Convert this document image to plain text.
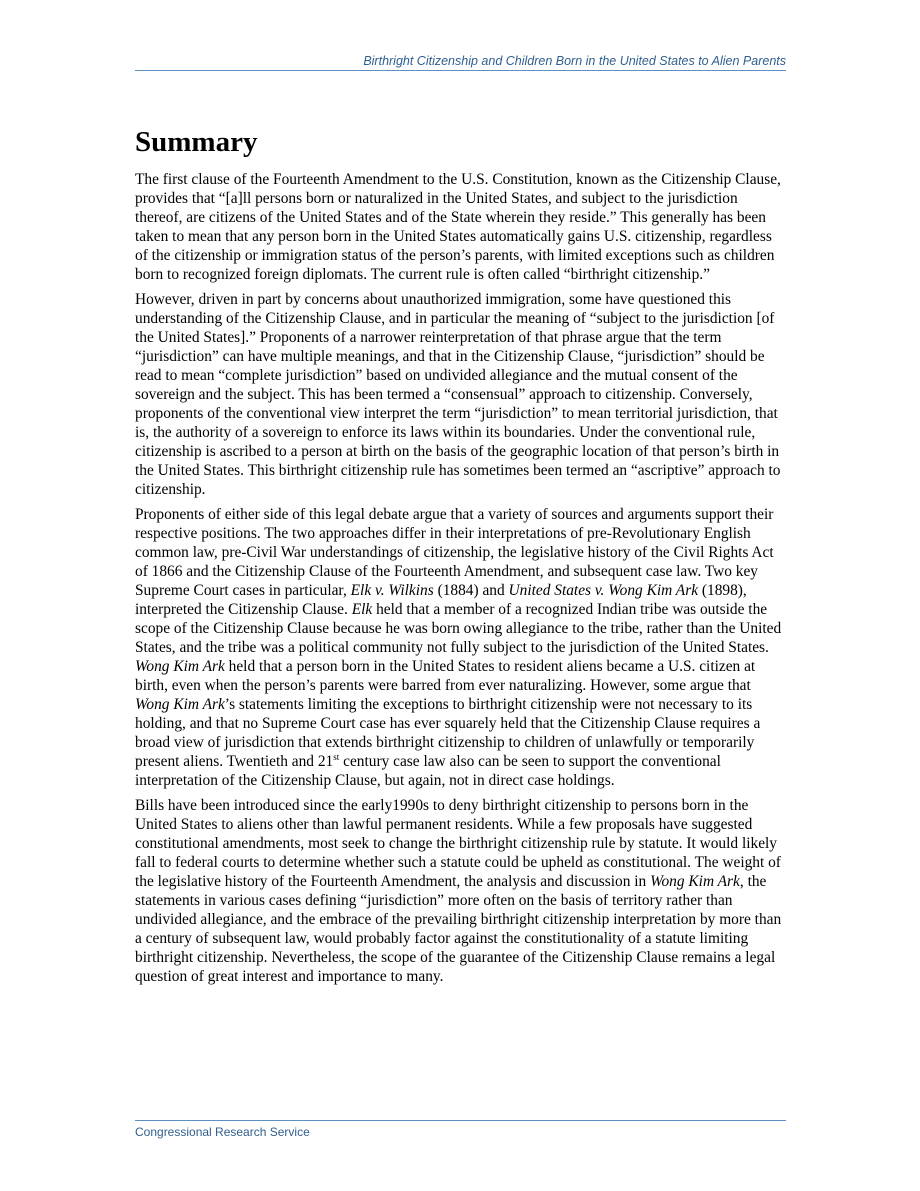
Birthright Citizenship and Children Born in the United States to Alien Parents
Summary

The first clause of the Fourteenth Amendment to the U.S. Constitution, known as the Citizenship Clause, provides that “[a]ll persons born or naturalized in the United States, and subject to the jurisdiction thereof, are citizens of the United States and of the State wherein they reside.” This generally has been taken to mean that any person born in the United States automatically gains U.S. citizenship, regardless of the citizenship or immigration status of the person’s parents, with limited exceptions such as children born to recognized foreign diplomats. The current rule is often called “birthright citizenship.”

However, driven in part by concerns about unauthorized immigration, some have questioned this understanding of the Citizenship Clause, and in particular the meaning of “subject to the jurisdiction [of the United States].” Proponents of a narrower reinterpretation of that phrase argue that the term “jurisdiction” can have multiple meanings, and that in the Citizenship Clause, “jurisdiction” should be read to mean “complete jurisdiction” based on undivided allegiance and the mutual consent of the sovereign and the subject. This has been termed a “consensual” approach to citizenship. Conversely, proponents of the conventional view interpret the term “jurisdiction” to mean territorial jurisdiction, that is, the authority of a sovereign to enforce its laws within its boundaries. Under the conventional rule, citizenship is ascribed to a person at birth on the basis of the geographic location of that person’s birth in the United States. This birthright citizenship rule has sometimes been termed an “ascriptive” approach to citizenship.

Proponents of either side of this legal debate argue that a variety of sources and arguments support their respective positions. The two approaches differ in their interpretations of pre-Revolutionary English common law, pre-Civil War understandings of citizenship, the legislative history of the Civil Rights Act of 1866 and the Citizenship Clause of the Fourteenth Amendment, and subsequent case law. Two key Supreme Court cases in particular, Elk v. Wilkins (1884) and United States v. Wong Kim Ark (1898), interpreted the Citizenship Clause. Elk held that a member of a recognized Indian tribe was outside the scope of the Citizenship Clause because he was born owing allegiance to the tribe, rather than the United States, and the tribe was a political community not fully subject to the jurisdiction of the United States. Wong Kim Ark held that a person born in the United States to resident aliens became a U.S. citizen at birth, even when the person’s parents were barred from ever naturalizing. However, some argue that Wong Kim Ark’s statements limiting the exceptions to birthright citizenship were not necessary to its holding, and that no Supreme Court case has ever squarely held that the Citizenship Clause requires a broad view of jurisdiction that extends birthright citizenship to children of unlawfully or temporarily present aliens. Twentieth and 21st century case law also can be seen to support the conventional interpretation of the Citizenship Clause, but again, not in direct case holdings.

Bills have been introduced since the early1990s to deny birthright citizenship to persons born in the United States to aliens other than lawful permanent residents. While a few proposals have suggested constitutional amendments, most seek to change the birthright citizenship rule by statute. It would likely fall to federal courts to determine whether such a statute could be upheld as constitutional. The weight of the legislative history of the Fourteenth Amendment, the analysis and discussion in Wong Kim Ark, the statements in various cases defining “jurisdiction” more often on the basis of territory rather than undivided allegiance, and the embrace of the prevailing birthright citizenship interpretation by more than a century of subsequent law, would probably factor against the constitutionality of a statute limiting birthright citizenship. Nevertheless, the scope of the guarantee of the Citizenship Clause remains a legal question of great interest and importance to many.

Congressional Research Service
